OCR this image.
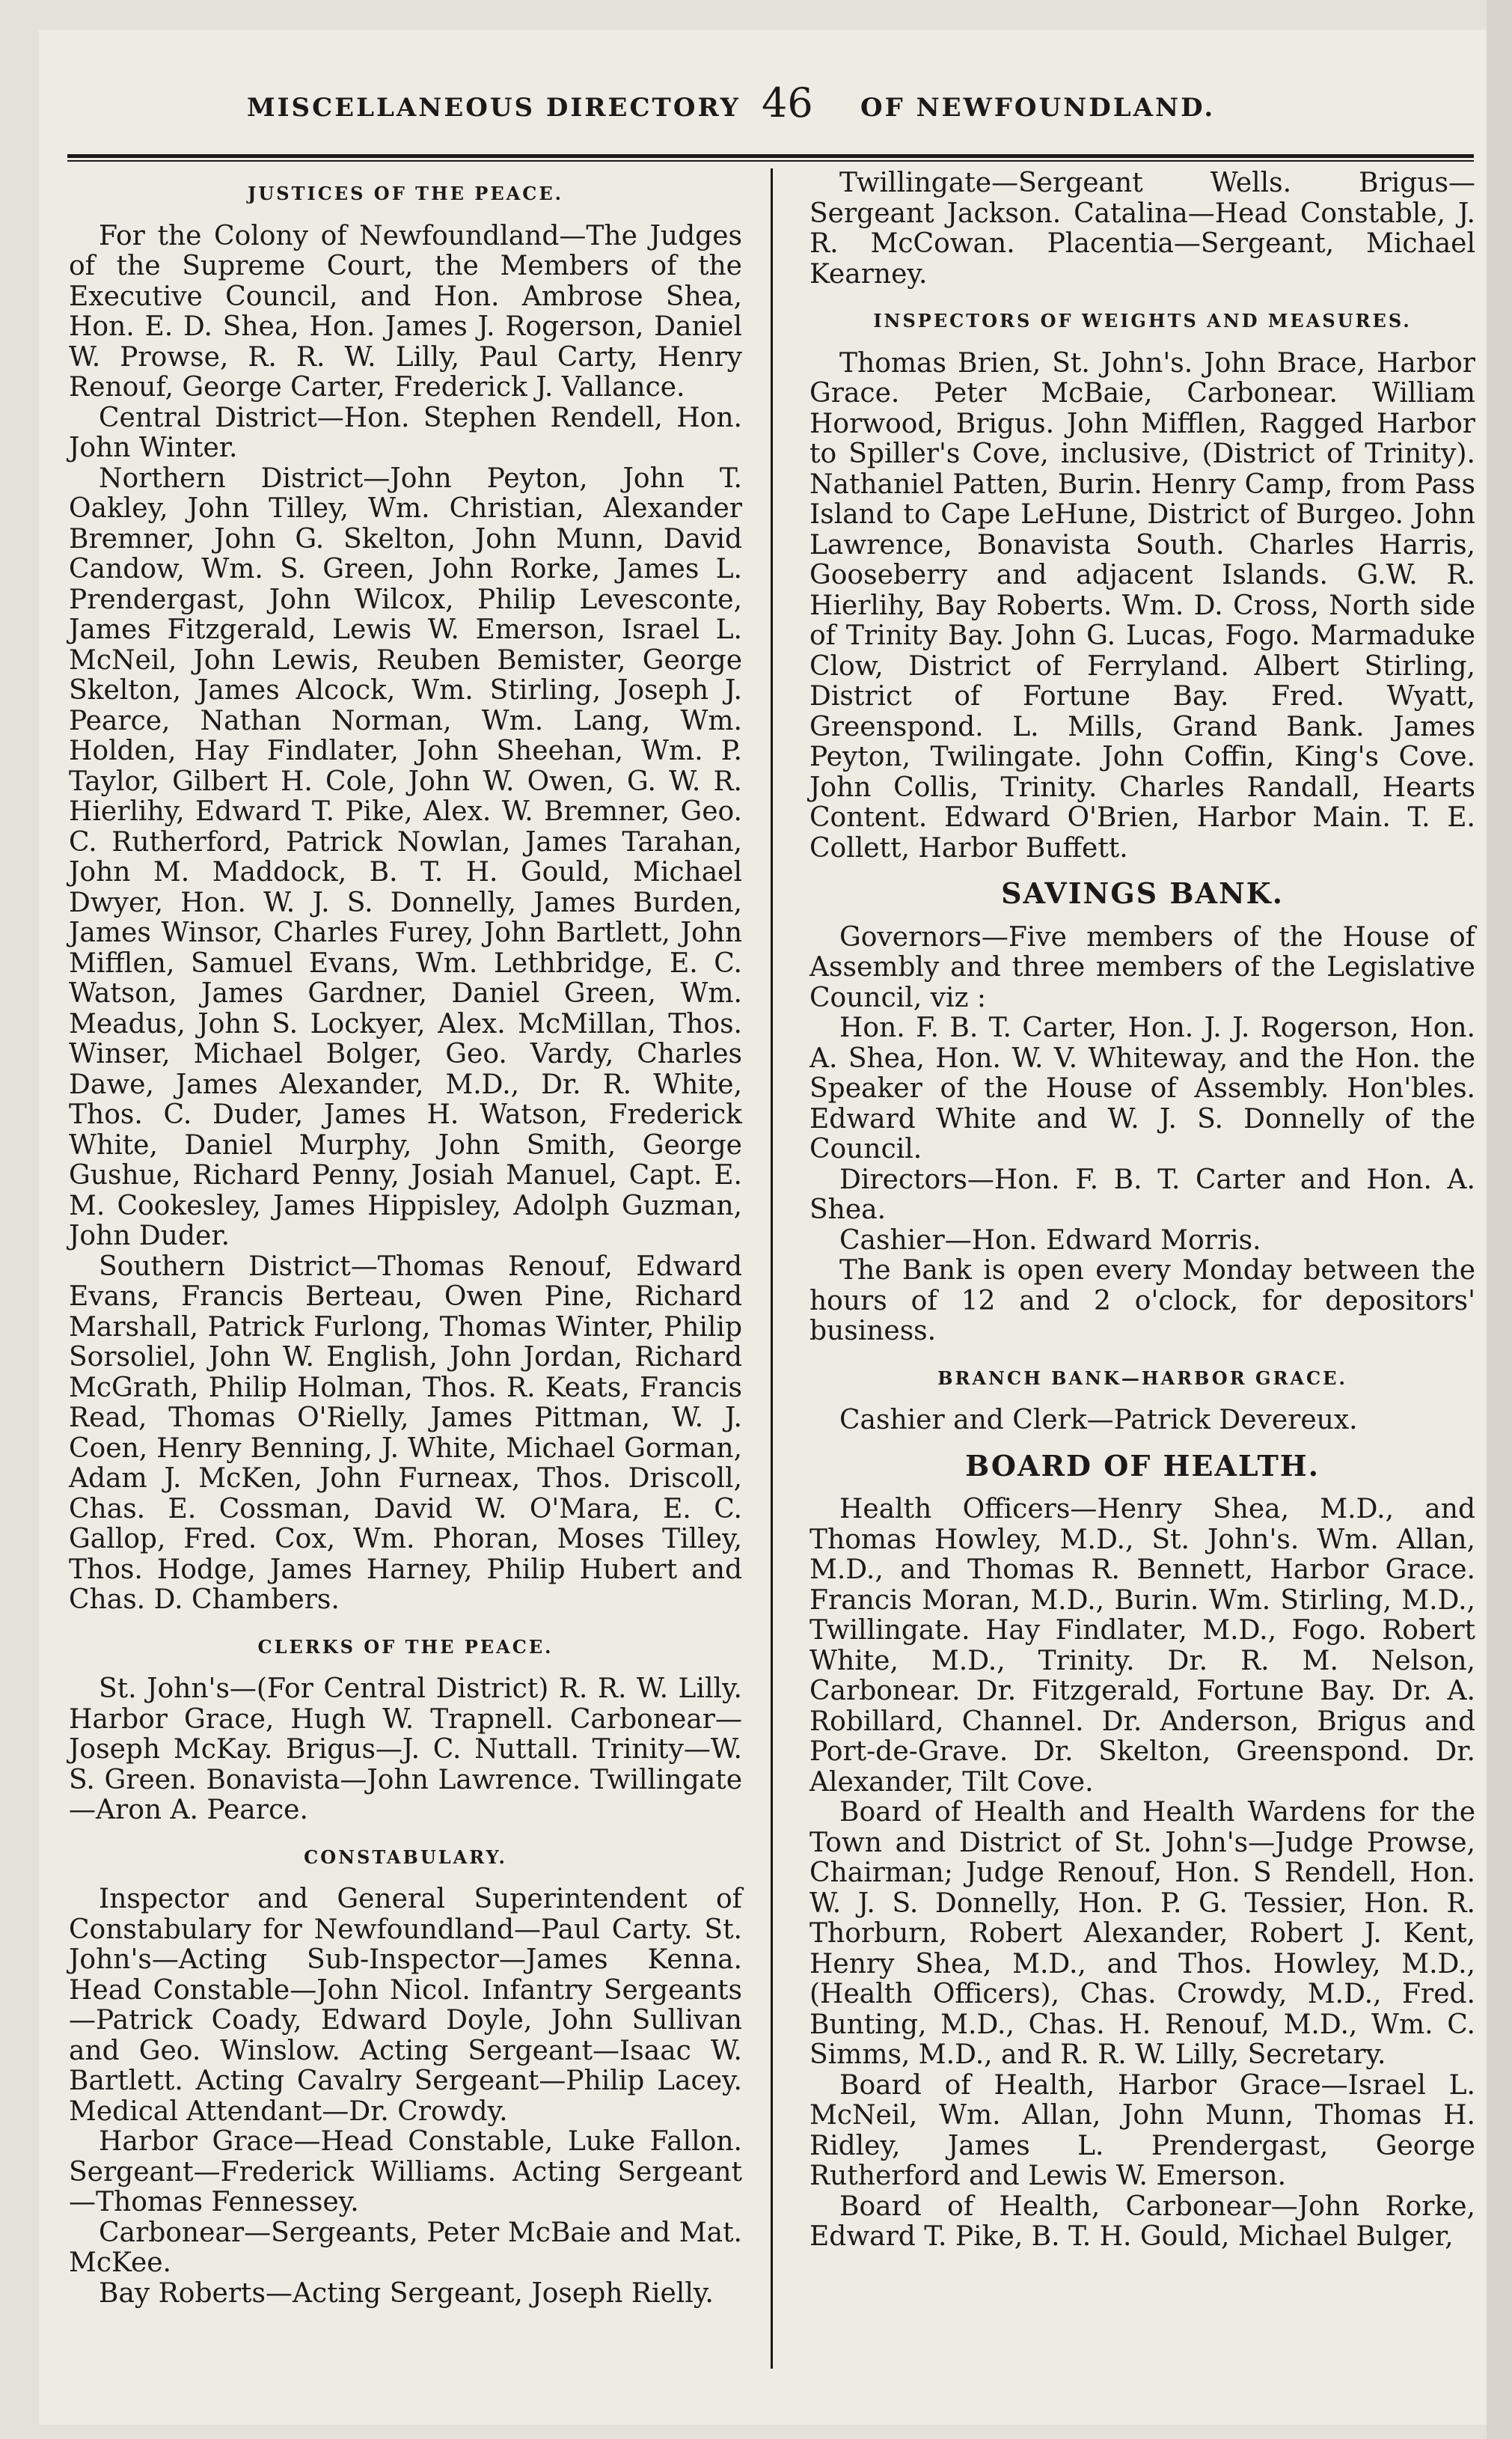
MISCELLANEOUS DIRECTORY 46 OF NEWFOUNDLAND.
JUSTICES OF THE PEACE.

For the Colony of Newfoundland—The Judges of the Supreme Court, the Members of the Executive Council, and Hon. Ambrose Shea, Hon. E. D. Shea, Hon. James J. Rogerson, Daniel W. Prowse, R. R. W. Lilly, Paul Carty, Henry Renouf, George Carter, Frederick J. Vallance.

Central District—Hon. Stephen Rendell, Hon. John Winter.

Northern District—John Peyton, John T. Oakley, John Tilley, Wm. Christian, Alexander Bremner, John G. Skelton, John Munn, David Candow, Wm. S. Green, John Rorke, James L. Prendergast, John Wilcox, Philip Levesconte, James Fitzgerald, Lewis W. Emerson, Israel L. McNeil, John Lewis, Reuben Bemister, George Skelton, James Alcock, Wm. Stirling, Joseph J. Pearce, Nathan Norman, Wm. Lang, Wm. Holden, Hay Findlater, John Sheehan, Wm. P. Taylor, Gilbert H. Cole, John W. Owen, G. W. R. Hierlihy, Edward T. Pike, Alex. W. Bremner, Geo. C. Rutherford, Patrick Nowlan, James Tarahan, John M. Maddock, B. T. H. Gould, Michael Dwyer, Hon. W. J. S. Donnelly, James Burden, James Winsor, Charles Furey, John Bartlett, John Mifflen, Samuel Evans, Wm. Lethbridge, E. C. Watson, James Gardner, Daniel Green, Wm. Meadus, John S. Lockyer, Alex. McMillan, Thos. Winser, Michael Bolger, Geo. Vardy, Charles Dawe, James Alexander, M.D., Dr. R. White, Thos. C. Duder, James H. Watson, Frederick White, Daniel Murphy, John Smith, George Gushue, Richard Penny, Josiah Manuel, Capt. E. M. Cookesley, James Hippisley, Adolph Guzman, John Duder.

Southern District—Thomas Renouf, Edward Evans, Francis Berteau, Owen Pine, Richard Marshall, Patrick Furlong, Thomas Winter, Philip Sorsoliel, John W. English, John Jordan, Richard McGrath, Philip Holman, Thos. R. Keats, Francis Read, Thomas O'Rielly, James Pittman, W. J. Coen, Henry Benning, J. White, Michael Gorman, Adam J. McKen, John Furneax, Thos. Driscoll, Chas. E. Cossman, David W. O'Mara, E. C. Gallop, Fred. Cox, Wm. Phoran, Moses Tilley, Thos. Hodge, James Harney, Philip Hubert and Chas. D. Chambers.

CLERKS OF THE PEACE.

St. John's—(For Central District) R. R. W. Lilly. Harbor Grace, Hugh W. Trapnell. Carbonear—Joseph McKay. Brigus—J. C. Nuttall. Trinity—W. S. Green. Bonavista—John Lawrence. Twillingate—Aron A. Pearce.

CONSTABULARY.

Inspector and General Superintendent of Constabulary for Newfoundland—Paul Carty. St. John's—Acting Sub-Inspector—James Kenna. Head Constable—John Nicol. Infantry Sergeants—Patrick Coady, Edward Doyle, John Sullivan and Geo. Winslow. Acting Sergeant—Isaac W. Bartlett. Acting Cavalry Sergeant—Philip Lacey. Medical Attendant—Dr. Crowdy.

Harbor Grace—Head Constable, Luke Fallon. Sergeant—Frederick Williams. Acting Sergeant—Thomas Fennessey.

Carbonear—Sergeants, Peter McBaie and Mat. McKee.

Bay Roberts—Acting Sergeant, Joseph Rielly.

Twillingate—Sergeant Wells. Brigus—Sergeant Jackson. Catalina—Head Constable, J. R. McCowan. Placentia—Sergeant, Michael Kearney.

INSPECTORS OF WEIGHTS AND MEASURES.

Thomas Brien, St. John's. John Brace, Harbor Grace. Peter McBaie, Carbonear. William Horwood, Brigus. John Mifflen, Ragged Harbor to Spiller's Cove, inclusive, (District of Trinity). Nathaniel Patten, Burin. Henry Camp, from Pass Island to Cape LeHune, District of Burgeo. John Lawrence, Bonavista South. Charles Harris, Gooseberry and adjacent Islands. G.W. R. Hierlihy, Bay Roberts. Wm. D. Cross, North side of Trinity Bay. John G. Lucas, Fogo. Marmaduke Clow, District of Ferryland. Albert Stirling, District of Fortune Bay. Fred. Wyatt, Greenspond. L. Mills, Grand Bank. James Peyton, Twilingate. John Coffin, King's Cove. John Collis, Trinity. Charles Randall, Hearts Content. Edward O'Brien, Harbor Main. T. E. Collett, Harbor Buffett.

SAVINGS BANK.

Governors—Five members of the House of Assembly and three members of the Legislative Council, viz :

Hon. F. B. T. Carter, Hon. J. J. Rogerson, Hon. A. Shea, Hon. W. V. Whiteway, and the Hon. the Speaker of the House of Assembly. Hon'bles. Edward White and W. J. S. Donnelly of the Council.

Directors—Hon. F. B. T. Carter and Hon. A. Shea.

Cashier—Hon. Edward Morris.

The Bank is open every Monday between the hours of 12 and 2 o'clock, for depositors' business.

BRANCH BANK—HARBOR GRACE.

Cashier and Clerk—Patrick Devereux.

BOARD OF HEALTH.

Health Officers—Henry Shea, M.D., and Thomas Howley, M.D., St. John's. Wm. Allan, M.D., and Thomas R. Bennett, Harbor Grace. Francis Moran, M.D., Burin. Wm. Stirling, M.D., Twillingate. Hay Findlater, M.D., Fogo. Robert White, M.D., Trinity. Dr. R. M. Nelson, Carbonear. Dr. Fitzgerald, Fortune Bay. Dr. A. Robillard, Channel. Dr. Anderson, Brigus and Port-de-Grave. Dr. Skelton, Greenspond. Dr. Alexander, Tilt Cove.

Board of Health and Health Wardens for the Town and District of St. John's—Judge Prowse, Chairman; Judge Renouf, Hon. S Rendell, Hon. W. J. S. Donnelly, Hon. P. G. Tessier, Hon. R. Thorburn, Robert Alexander, Robert J. Kent, Henry Shea, M.D., and Thos. Howley, M.D., (Health Officers), Chas. Crowdy, M.D., Fred. Bunting, M.D., Chas. H. Renouf, M.D., Wm. C. Simms, M.D., and R. R. W. Lilly, Secretary.

Board of Health, Harbor Grace—Israel L. McNeil, Wm. Allan, John Munn, Thomas H. Ridley, James L. Prendergast, George Rutherford and Lewis W. Emerson.

Board of Health, Carbonear—John Rorke, Edward T. Pike, B. T. H. Gould, Michael Bulger,
